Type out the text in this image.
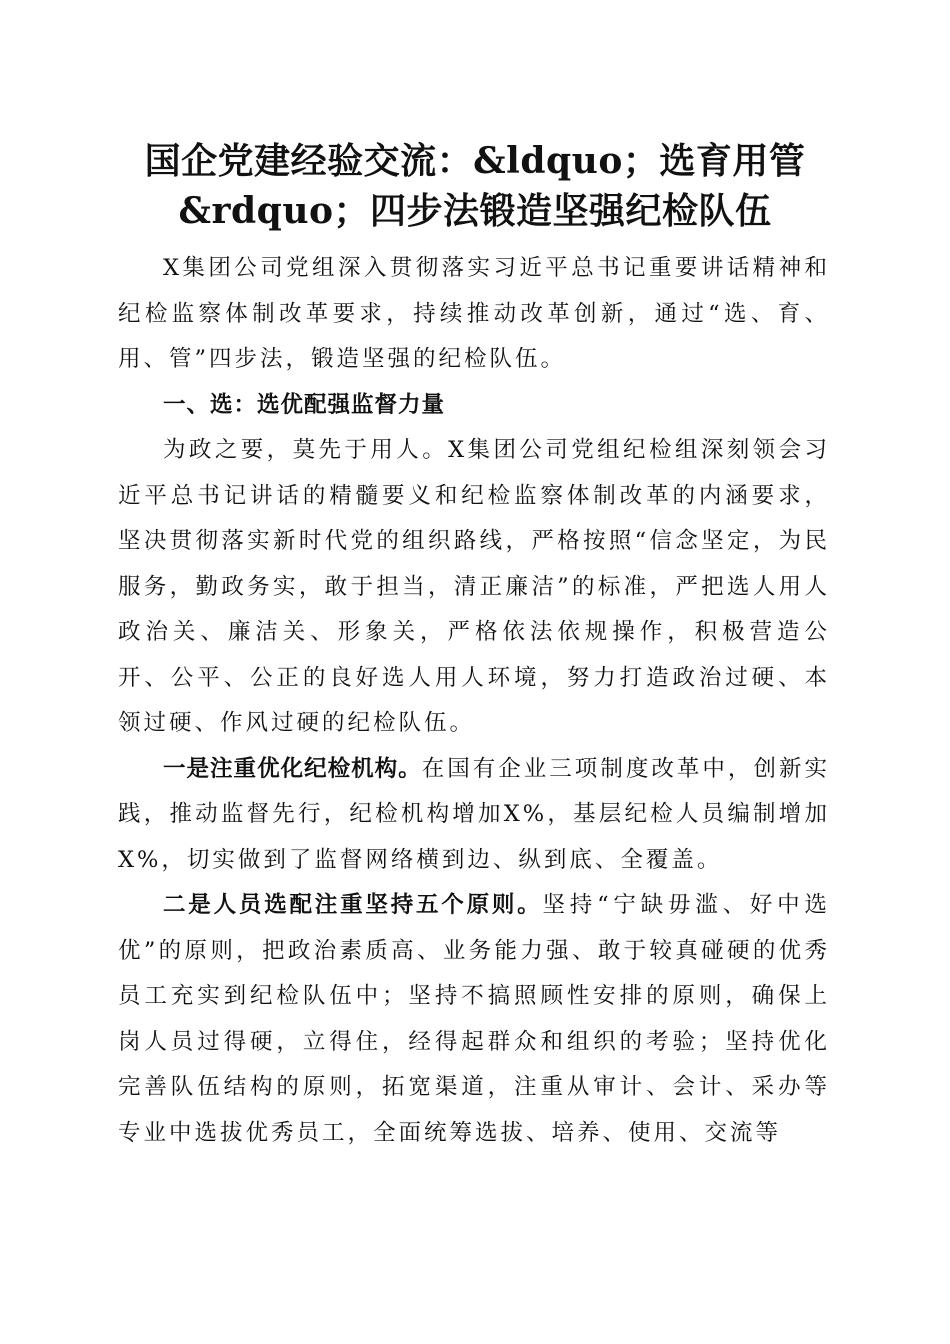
国企党建经验交流：&ldquo；选育用管
&rdquo；四步法锻造坚强纪检队伍

X集团公司党组深入贯彻落实习近平总书记重要讲话精神和纪检监察体制改革要求，持续推动改革创新，通过“选、育、用、管”四步法，锻造坚强的纪检队伍。

一、选：选优配强监督力量

为政之要，莫先于用人。X集团公司党组纪检组深刻领会习近平总书记讲话的精髓要义和纪检监察体制改革的内涵要求，坚决贯彻落实新时代党的组织路线，严格按照“信念坚定，为民服务，勤政务实，敢于担当，清正廉洁”的标准，严把选人用人政治关、廉洁关、形象关，严格依法依规操作，积极营造公开、公平、公正的良好选人用人环境，努力打造政治过硬、本领过硬、作风过硬的纪检队伍。

一是注重优化纪检机构。在国有企业三项制度改革中，创新实践，推动监督先行，纪检机构增加X%，基层纪检人员编制增加X%，切实做到了监督网络横到边、纵到底、全覆盖。

二是人员选配注重坚持五个原则。坚持“宁缺毋滥、好中选优”的原则，把政治素质高、业务能力强、敢于较真碰硬的优秀员工充实到纪检队伍中；坚持不搞照顾性安排的原则，确保上岗人员过得硬，立得住，经得起群众和组织的考验；坚持优化完善队伍结构的原则，拓宽渠道，注重从审计、会计、采办等专业中选拔优秀员工，全面统筹选拔、培养、使用、交流等
